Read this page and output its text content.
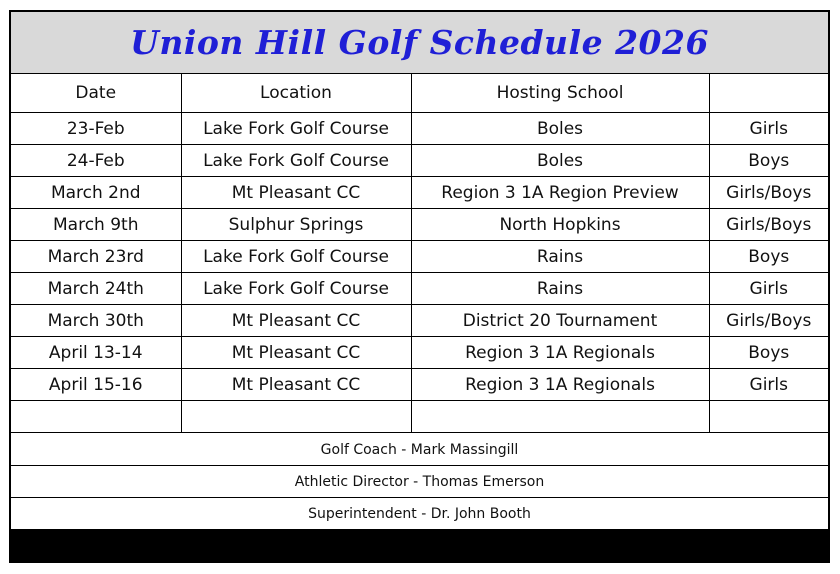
Union Hill Golf Schedule 2026
Date	Location	Hosting School	
23-Feb	Lake Fork Golf Course	Boles	Girls
24-Feb	Lake Fork Golf Course	Boles	Boys
March 2nd	Mt Pleasant CC	Region 3 1A Region Preview	Girls/Boys
March 9th	Sulphur Springs	North Hopkins	Girls/Boys
March 23rd	Lake Fork Golf Course	Rains	Boys
March 24th	Lake Fork Golf Course	Rains	Girls
March 30th	Mt Pleasant CC	District 20 Tournament	Girls/Boys
April 13-14	Mt Pleasant CC	Region 3 1A Regionals	Boys
April 15-16	Mt Pleasant CC	Region 3 1A Regionals	Girls

Golf Coach - Mark Massingill
Athletic Director - Thomas Emerson
Superintendent - Dr. John Booth
